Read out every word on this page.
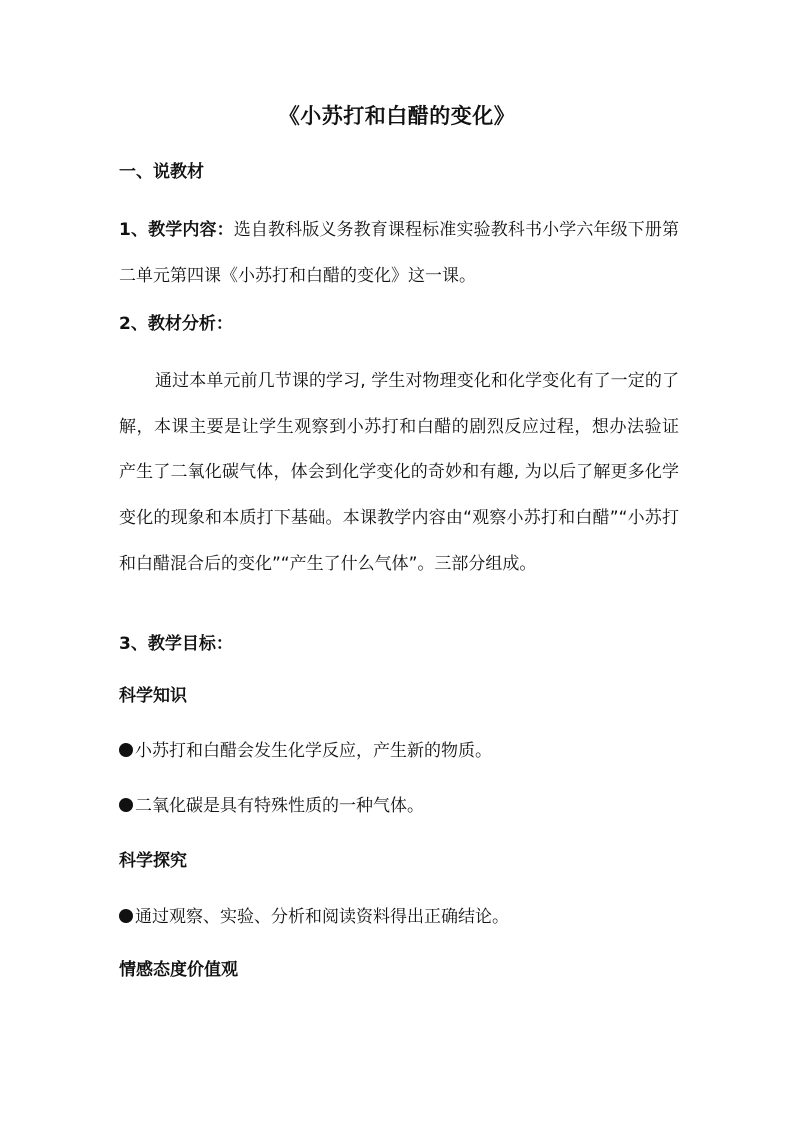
《小苏打和白醋的变化》
一、说教材
1、教学内容：选自教科版义务教育课程标准实验教科书小学六年级下册第二单元第四课《小苏打和白醋的变化》这一课。
2、教材分析：
通过本单元前几节课的学习, 学生对物理变化和化学变化有了一定的了解，本课主要是让学生观察到小苏打和白醋的剧烈反应过程，想办法验证产生了二氧化碳气体，体会到化学变化的奇妙和有趣, 为以后了解更多化学变化的现象和本质打下基础。本课教学内容由“观察小苏打和白醋”“小苏打和白醋混合后的变化”“产生了什么气体”。三部分组成。
3、教学目标：
科学知识
小苏打和白醋会发生化学反应，产生新的物质。
二氧化碳是具有特殊性质的一种气体。
科学探究
通过观察、实验、分析和阅读资料得出正确结论。
情感态度价值观
